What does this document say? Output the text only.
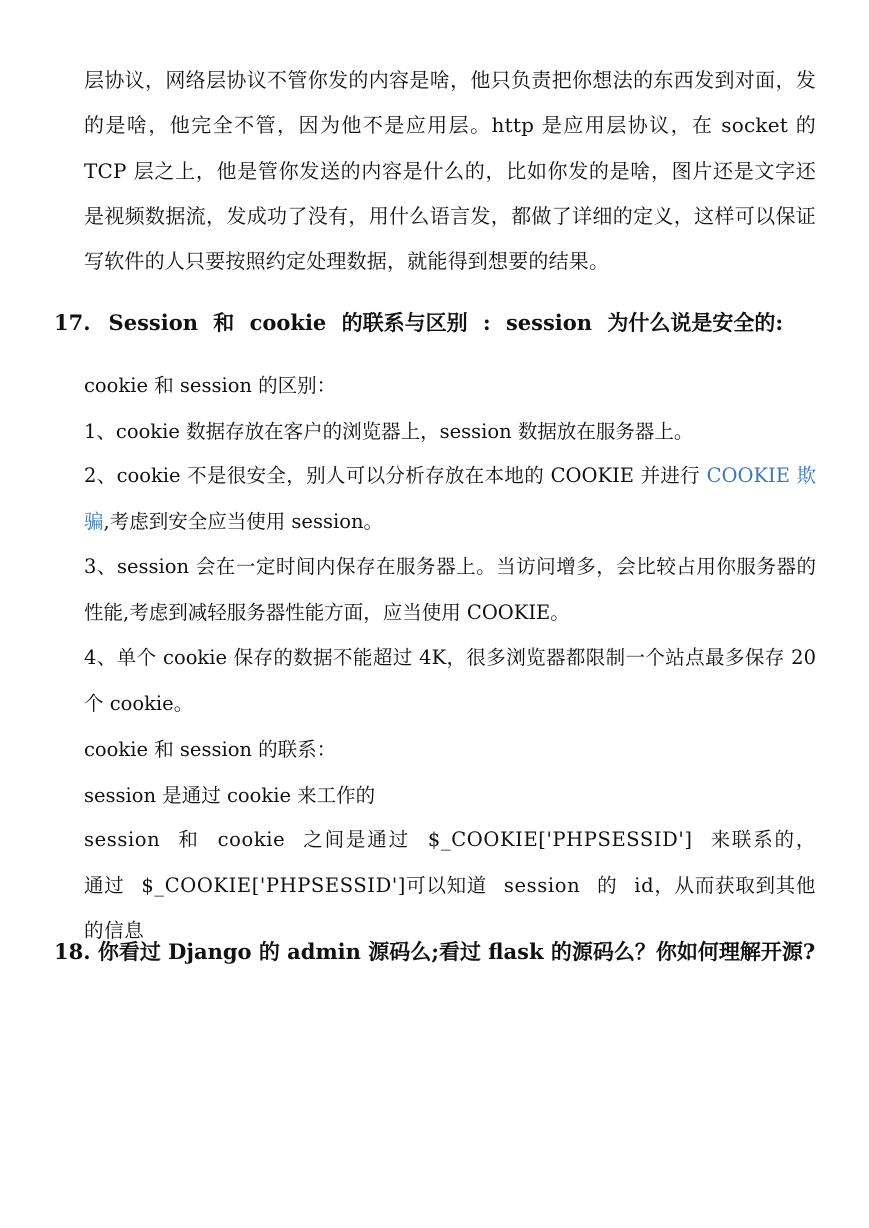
层协议，网络层协议不管你发的内容是啥，他只负责把你想法的东西发到对面，发的是啥，他完全不管，因为他不是应用层。http 是应用层协议，在 socket 的 TCP 层之上，他是管你发送的内容是什么的，比如你发的是啥，图片还是文字还是视频数据流，发成功了没有，用什么语言发，都做了详细的定义，这样可以保证写软件的人只要按照约定处理数据，就能得到想要的结果。

17. Session 和 cookie 的联系与区别 : session 为什么说是安全的:
cookie 和 session 的区别：
1、cookie 数据存放在客户的浏览器上，session 数据放在服务器上。
2、cookie 不是很安全，别人可以分析存放在本地的 COOKIE 并进行 COOKIE 欺骗,考虑到安全应当使用 session。
3、session 会在一定时间内保存在服务器上。当访问增多，会比较占用你服务器的性能,考虑到减轻服务器性能方面，应当使用 COOKIE。
4、单个 cookie 保存的数据不能超过 4K，很多浏览器都限制一个站点最多保存 20 个 cookie。
cookie 和 session 的联系：
session 是通过 cookie 来工作的
session 和 cookie 之间是通过 $_COOKIE['PHPSESSID'] 来联系的，通过 $_COOKIE['PHPSESSID']可以知道 session 的 id，从而获取到其他的信息
18. 你看过 Django 的 admin 源码么;看过 flask 的源码么？你如何理解开源?
